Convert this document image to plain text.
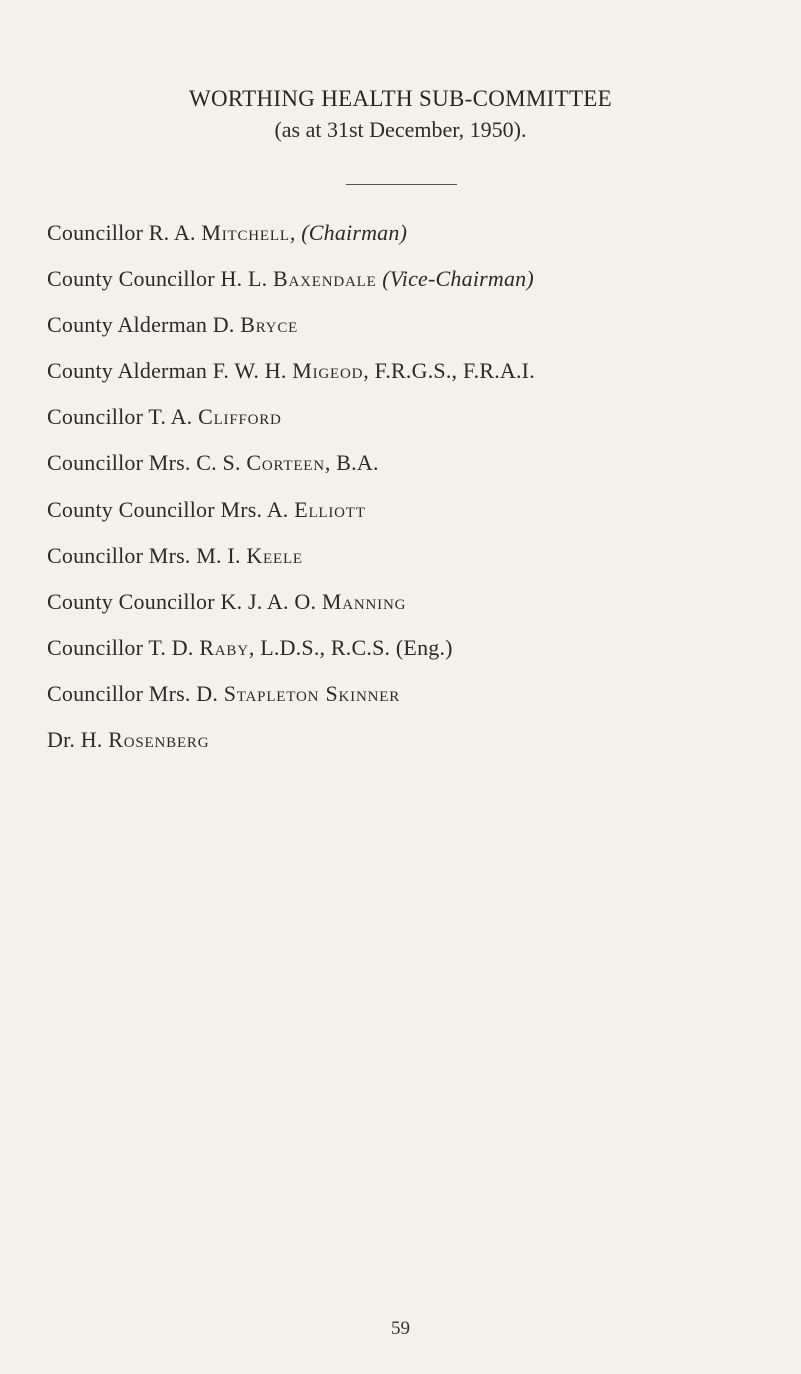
WORTHING HEALTH SUB-COMMITTEE
(as at 31st December, 1950).
Councillor R. A. Mitchell, (Chairman)
County Councillor H. L. Baxendale (Vice-Chairman)
County Alderman D. Bryce
County Alderman F. W. H. Migeod, F.R.G.S., F.R.A.I.
Councillor T. A. Clifford
Councillor Mrs. C. S. Corteen, B.A.
County Councillor Mrs. A. Elliott
Councillor Mrs. M. I. Keele
County Councillor K. J. A. O. Manning
Councillor T. D. Raby, L.D.S., R.C.S. (Eng.)
Councillor Mrs. D. Stapleton Skinner
Dr. H. Rosenberg
59
